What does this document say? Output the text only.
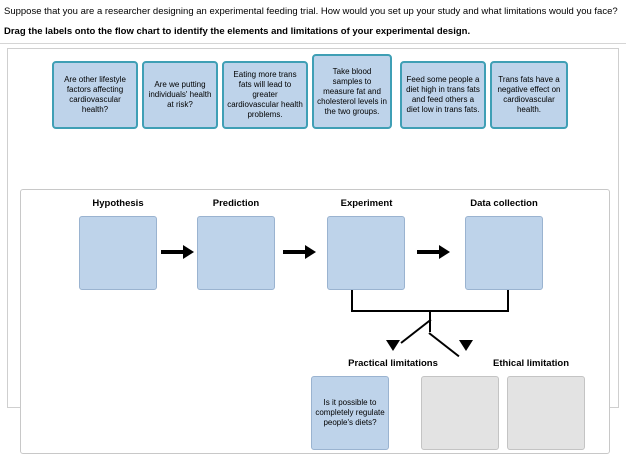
Suppose that you are a researcher designing an experimental feeding trial. How would you set up your study and what limitations would you face?
Drag the labels onto the flow chart to identify the elements and limitations of your experimental design.
Are other lifestyle factors affecting cardiovascular health?
Are we putting individuals' health at risk?
Eating more trans fats will lead to greater cardiovascular health problems.
Take blood samples to measure fat and cholesterol levels in the two groups.
Feed some people a diet high in trans fats and feed others a diet low in trans fats.
Trans fats have a negative effect on cardiovascular health.
Hypothesis	Prediction	Experiment	Data collection
Practical limitations	Ethical limitation
Is it possible to completely regulate people's diets?
